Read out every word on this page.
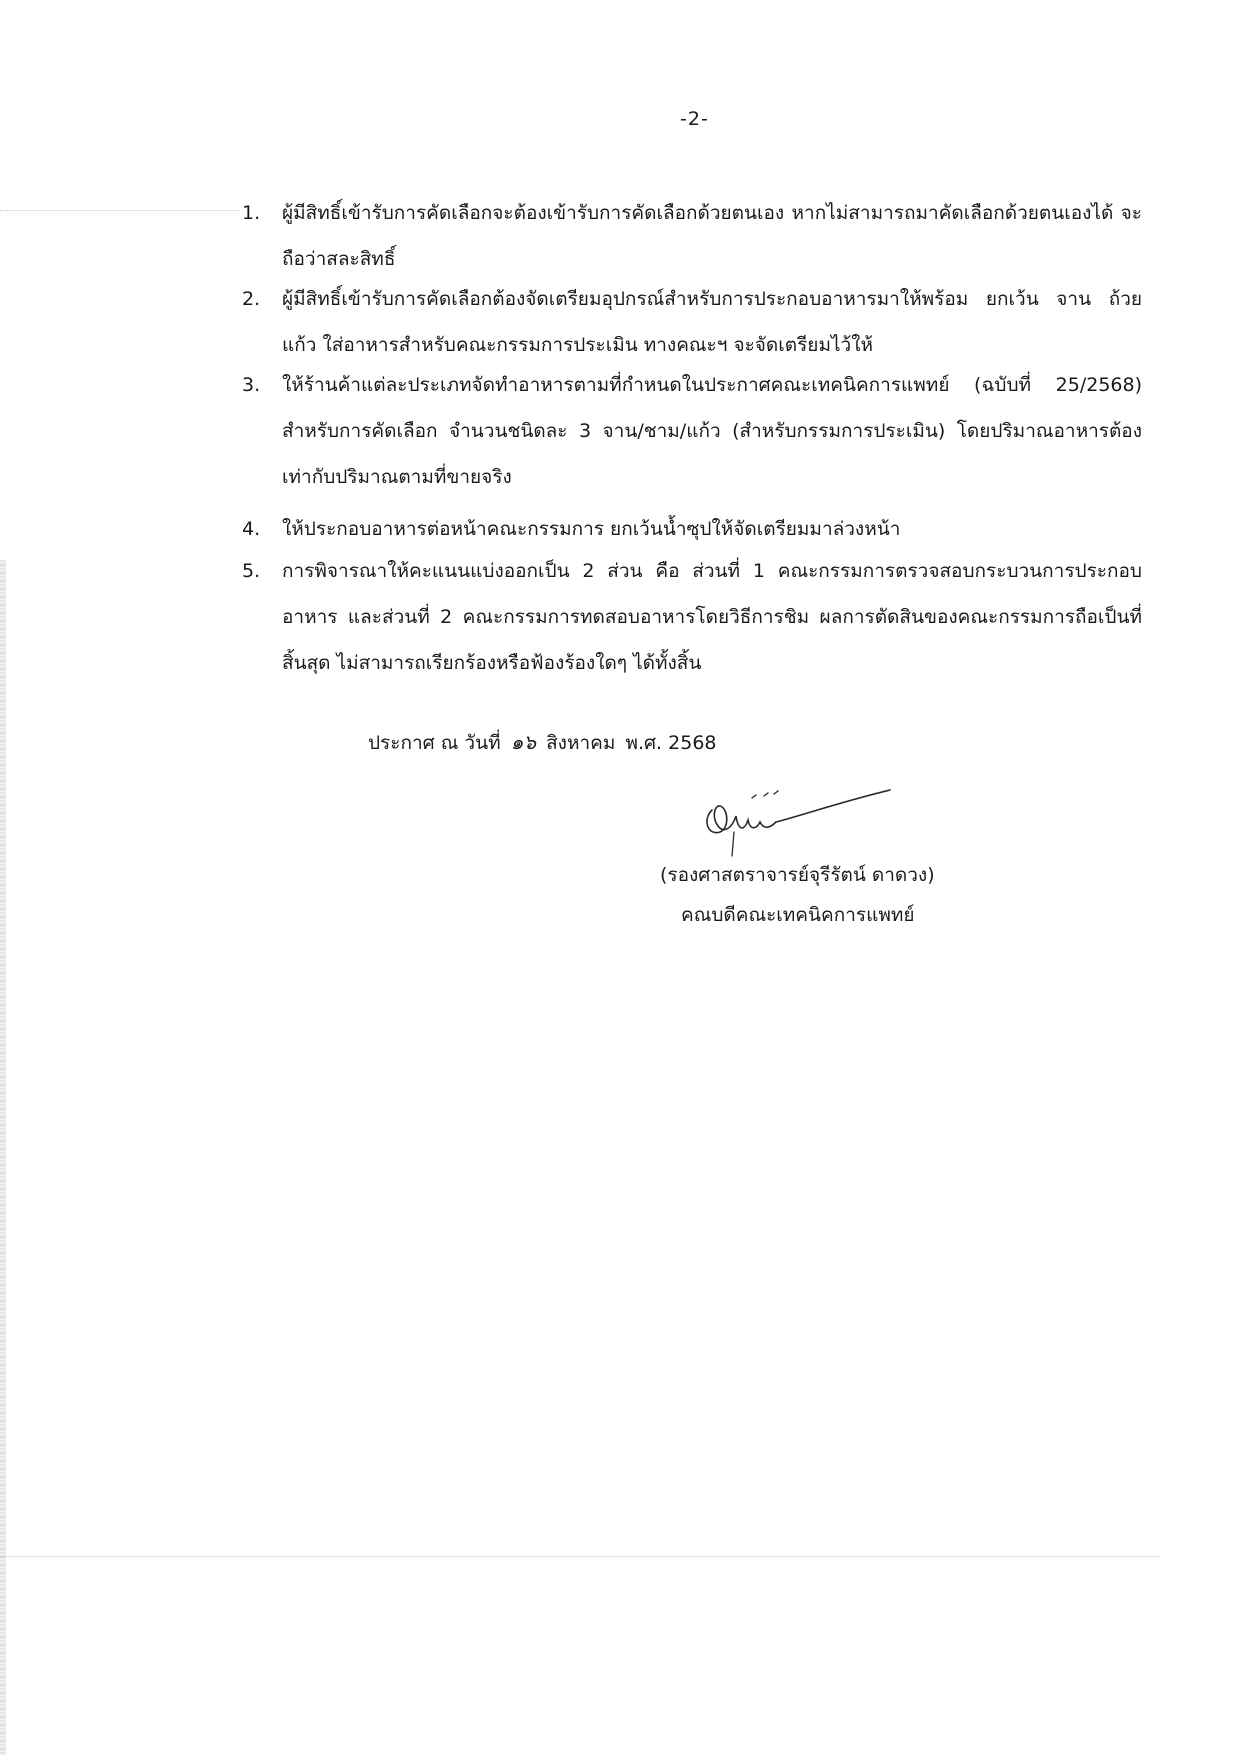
-2-
1.	ผู้มีสิทธิ์เข้ารับการคัดเลือกจะต้องเข้ารับการคัดเลือกด้วยตนเอง หากไม่สามารถมาคัดเลือกด้วยตนเองได้ จะถือว่าสละสิทธิ์
2.	ผู้มีสิทธิ์เข้ารับการคัดเลือกต้องจัดเตรียมอุปกรณ์สำหรับการประกอบอาหารมาให้พร้อม ยกเว้น จาน ถ้วย แก้ว ใส่อาหารสำหรับคณะกรรมการประเมิน ทางคณะฯ จะจัดเตรียมไว้ให้
3.	ให้ร้านค้าแต่ละประเภทจัดทำอาหารตามที่กำหนดในประกาศคณะเทคนิคการแพทย์ (ฉบับที่ 25/2568) สำหรับการคัดเลือก จำนวนชนิดละ 3 จาน/ชาม/แก้ว (สำหรับกรรมการประเมิน) โดยปริมาณอาหารต้องเท่ากับปริมาณตามที่ขายจริง
4.	ให้ประกอบอาหารต่อหน้าคณะกรรมการ ยกเว้นน้ำซุปให้จัดเตรียมมาล่วงหน้า
5.	การพิจารณาให้คะแนนแบ่งออกเป็น 2 ส่วน คือ ส่วนที่ 1 คณะกรรมการตรวจสอบกระบวนการประกอบอาหาร และส่วนที่ 2 คณะกรรมการทดสอบอาหารโดยวิธีการชิม ผลการตัดสินของคณะกรรมการถือเป็นที่สิ้นสุด ไม่สามารถเรียกร้องหรือฟ้องร้องใดๆ ได้ทั้งสิ้น
ประกาศ ณ วันที่ ๑๖ สิงหาคม พ.ศ. 2568
(รองศาสตราจารย์จุรีรัตน์ ดาดวง)
คณบดีคณะเทคนิคการแพทย์
